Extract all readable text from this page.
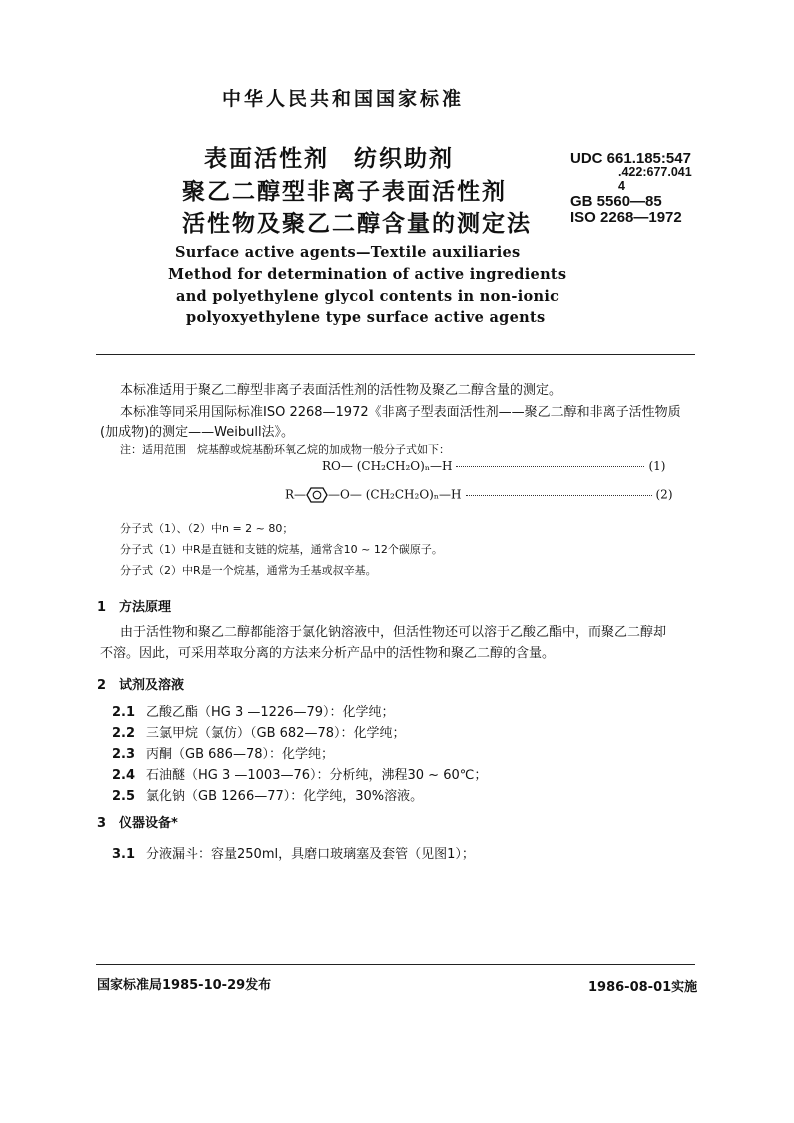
中华人民共和国国家标准
表面活性剂　纺织助剂
聚乙二醇型非离子表面活性剂
活性物及聚乙二醇含量的测定法
UDC 661.185:547
.422:677.041
4
GB 5560—85
ISO 2268—1972
Surface active agents—Textile auxiliaries
Method for determination of active ingredients
and polyethylene glycol contents in non-ionic
polyoxyethylene type surface active agents
本标准适用于聚乙二醇型非离子表面活性剂的活性物及聚乙二醇含量的测定。
本标准等同采用国际标准ISO 2268—1972《非离子型表面活性剂——聚乙二醇和非离子活性物质
(加成物)的测定——Weibull法》。
注：适用范围　烷基醇或烷基酚环氧乙烷的加成物一般分子式如下：
RO— (CH₂CH₂O)ₙ—H	(1)
R— —O— (CH₂CH₂O)ₙ—H	(2)
分子式（1）、（2）中n = 2 ~ 80；
分子式（1）中R是直链和支链的烷基，通常含10 ~ 12个碳原子。
分子式（2）中R是一个烷基，通常为壬基或叔辛基。
1　方法原理
由于活性物和聚乙二醇都能溶于氯化钠溶液中，但活性物还可以溶于乙酸乙酯中，而聚乙二醇却
不溶。因此，可采用萃取分离的方法来分析产品中的活性物和聚乙二醇的含量。
2　试剂及溶液
2.1 乙酸乙酯（HG 3 —1226—79）：化学纯；
2.2 三氯甲烷（氯仿）（GB 682—78）：化学纯；
2.3 丙酮（GB 686—78）：化学纯；
2.4 石油醚（HG 3 —1003—76）：分析纯，沸程30 ~ 60℃；
2.5 氯化钠（GB 1266—77）：化学纯，30%溶液。
3　仪器设备*
3.1 分液漏斗：容量250ml，具磨口玻璃塞及套管（见图1）；
国家标准局1985-10-29发布	1986-08-01实施
